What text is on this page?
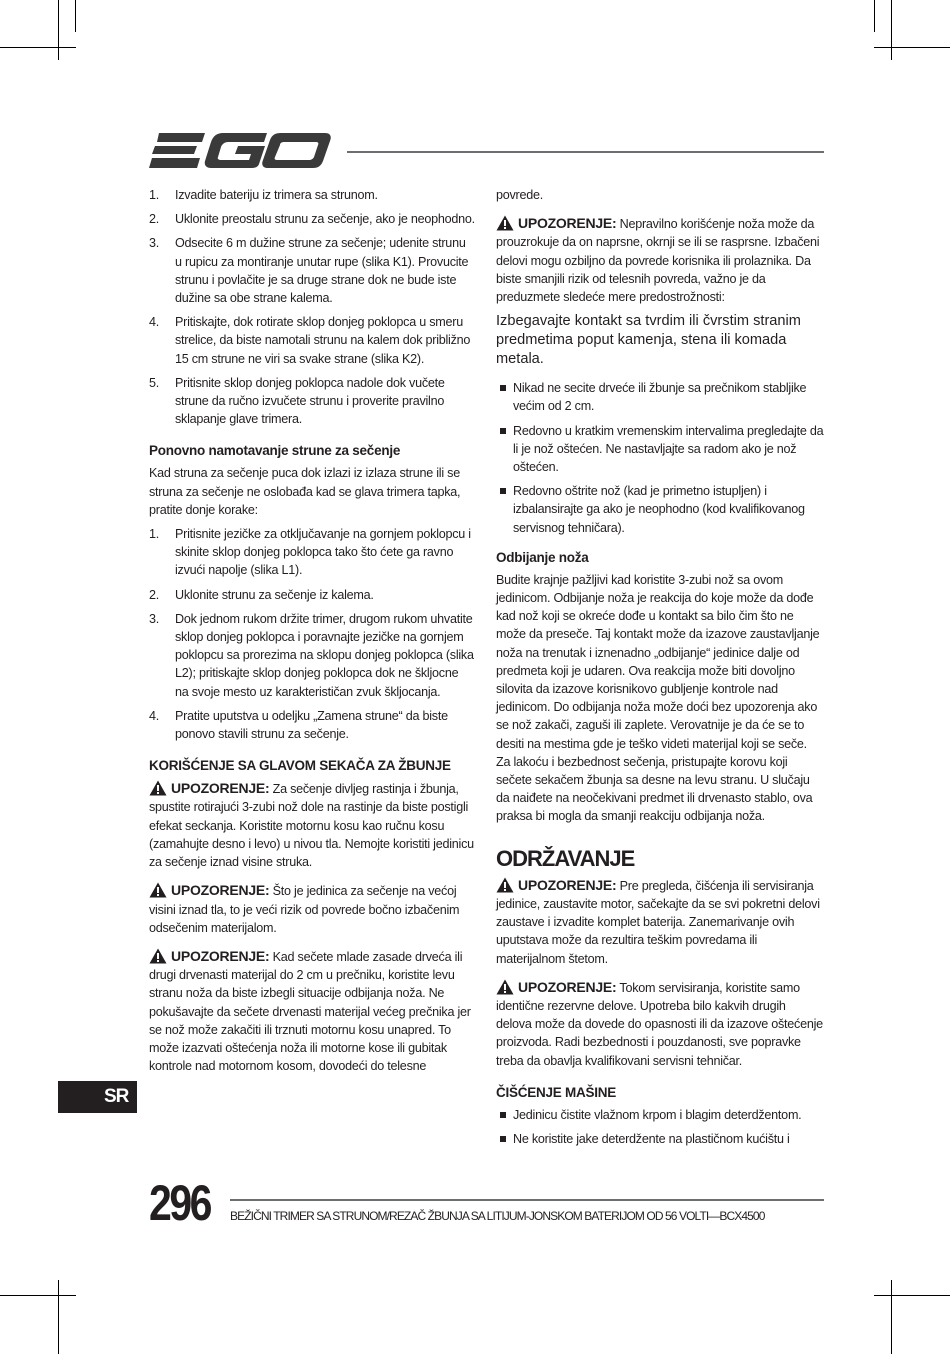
1. Izvadite bateriju iz trimera sa strunom.
2. Uklonite preostalu strunu za sečenje, ako je neophodno.
3. Odsecite 6 m dužine strune za sečenje; udenite strunu u rupicu za montiranje unutar rupe (slika K1). Provucite strunu i povlačite je sa druge strane dok ne bude iste dužine sa obe strane kalema.
4. Pritiskajte, dok rotirate sklop donjeg poklopca u smeru strelice, da biste namotali strunu na kalem dok približno 15 cm strune ne viri sa svake strane (slika K2).
5. Pritisnite sklop donjeg poklopca nadole dok vučete strune da ručno izvučete strunu i proverite pravilno sklapanje glave trimera.
Ponovno namotavanje strune za sečenje

Kad struna za sečenje puca dok izlazi iz izlaza strune ili se struna za sečenje ne oslobađa kad se glava trimera tapka, pratite donje korake:

1. Pritisnite jezičke za otključavanje na gornjem poklopcu i skinite sklop donjeg poklopca tako što ćete ga ravno izvući napolje (slika L1).
2. Uklonite strunu za sečenje iz kalema.
3. Dok jednom rukom držite trimer, drugom rukom uhvatite sklop donjeg poklopca i poravnajte jezičke na gornjem poklopcu sa prorezima na sklopu donjeg poklopca (slika L2); pritiskajte sklop donjeg poklopca dok ne škljocne na svoje mesto uz karakterističan zvuk škljocanja.
4. Pratite uputstva u odeljku „Zamena strune“ da biste ponovo stavili strunu za sečenje.
KORIŠĆENJE SA GLAVOM SEKAČA ZA ŽBUNJE

UPOZORENJE: Za sečenje divljeg rastinja i žbunja, spustite rotirajući 3-zubi nož dole na rastinje da biste postigli efekat seckanja. Koristite motornu kosu kao ručnu kosu (zamahujte desno i levo) u nivou tla. Nemojte koristiti jedinicu za sečenje iznad visine struka.

UPOZORENJE: Što je jedinica za sečenje na većoj visini iznad tla, to je veći rizik od povrede bočno izbačenim odsečenim materijalom.

UPOZORENJE: Kad sečete mlade zasade drveća ili drugi drvenasti materijal do 2 cm u prečniku, koristite levu stranu noža da biste izbegli situacije odbijanja noža. Ne pokušavajte da sečete drvenasti materijal većeg prečnika jer se nož može zakačiti ili trznuti motornu kosu unapred. To može izazvati oštećenja noža ili motorne kose ili gubitak kontrole nad motornom kosom, dovodeći do telesne

povrede.

UPOZORENJE: Nepravilno korišćenje noža može da prouzrokuje da on naprsne, okrnji se ili se rasprsne. Izbačeni delovi mogu ozbiljno da povrede korisnika ili prolaznika. Da biste smanjili rizik od telesnih povreda, važno je da preduzmete sledeće mere predostrožnosti:

Izbegavajte kontakt sa tvrdim ili čvrstim stranim predmetima poput kamenja, stena ili komada metala.

Nikad ne secite drveće ili žbunje sa prečnikom stabljike većim od 2 cm.
Redovno u kratkim vremenskim intervalima pregledajte da li je nož oštećen. Ne nastavljajte sa radom ako je nož oštećen.
Redovno oštrite nož (kad je primetno istupljen) i izbalansirajte ga ako je neophodno (kod kvalifikovanog servisnog tehničara).
Odbijanje noža

Budite krajnje pažljivi kad koristite 3-zubi nož sa ovom jedinicom. Odbijanje noža je reakcija do koje može da dođe kad nož koji se okreće dođe u kontakt sa bilo čim što ne može da preseče. Taj kontakt može da izazove zaustavljanje noža na trenutak i iznenadno „odbijanje“ jedinice dalje od predmeta koji je udaren. Ova reakcija može biti dovoljno silovita da izazove korisnikovo gubljenje kontrole nad jedinicom. Do odbijanja noža može doći bez upozorenja ako se nož zakači, zaguši ili zaplete. Verovatnije je da će se to desiti na mestima gde je teško videti materijal koji se seče. Za lakoću i bezbednost sečenja, pristupajte korovu koji sečete sekačem žbunja sa desne na levu stranu. U slučaju da naiđete na neočekivani predmet ili drvenasto stablo, ova praksa bi mogla da smanji reakciju odbijanja noža.

ODRŽAVANJE

UPOZORENJE: Pre pregleda, čišćenja ili servisiranja jedinice, zaustavite motor, sačekajte da se svi pokretni delovi zaustave i izvadite komplet baterija. Zanemarivanje ovih uputstava može da rezultira teškim povredama ili materijalnom štetom.

UPOZORENJE: Tokom servisiranja, koristite samo identične rezervne delove. Upotreba bilo kakvih drugih delova može da dovede do opasnosti ili da izazove oštećenje proizvoda. Radi bezbednosti i pouzdanosti, sve popravke treba da obavlja kvalifikovani servisni tehničar.

ČIŠĆENJE MAŠINE
Jedinicu čistite vlažnom krpom i blagim deterdžentom.
Ne koristite jake deterdžente na plastičnom kućištu i
SR
296 BEŽIČNI TRIMER SA STRUNOM/REZAČ ŽBUNJA SA LITIJUM-JONSKOM BATERIJOM OD 56 VOLTI—BCX4500
